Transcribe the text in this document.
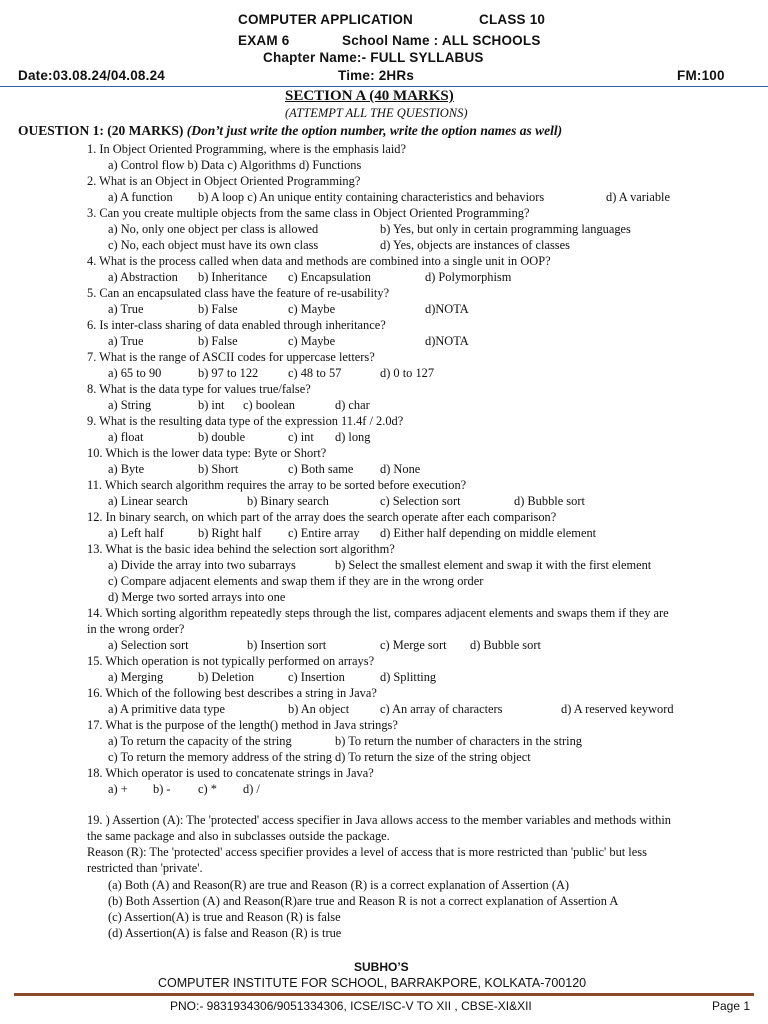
COMPUTER APPLICATION	CLASS 10
EXAM 6	School Name : ALL SCHOOLS
Chapter Name:- FULL SYLLABUS
Date:03.08.24/04.08.24	Time: 2HRs	FM:100
SECTION A (40 MARKS)
(ATTEMPT ALL THE QUESTIONS)
OUESTION 1: (20 MARKS) (Don’t just write the option number, write the option names as well)
1. In Object Oriented Programming, where is the emphasis laid?
a) Control flow b) Data c) Algorithms d) Functions
2. What is an Object in Object Oriented Programming?
a) A function b) A loop c) An unique entity containing characteristics and behaviors	d) A variable
3. Can you create multiple objects from the same class in Object Oriented Programming?
a) No, only one object per class is allowed	b) Yes, but only in certain programming languages
c) No, each object must have its own class	d) Yes, objects are instances of classes
4. What is the process called when data and methods are combined into a single unit in OOP?
a) Abstraction b) Inheritance c) Encapsulation	d) Polymorphism
5. Can an encapsulated class have the feature of re-usability?
a) True	b) False	c) Maybe	d)NOTA
6. Is inter-class sharing of data enabled through inheritance?
a) True	b) False	c) Maybe	d)NOTA
7. What is the range of ASCII codes for uppercase letters?
a) 65 to 90	b) 97 to 122 c) 48 to 57	d) 0 to 127
8. What is the data type for values true/false?
a) String	b) int c) boolean	d) char
9. What is the resulting data type of the expression 11.4f / 2.0d?
a) float	b) double	c) int d) long
10. Which is the lower data type: Byte or Short?
a) Byte	b) Short	c) Both same d) None
11. Which search algorithm requires the array to be sorted before execution?
a) Linear search	b) Binary search	c) Selection sort	d) Bubble sort
12. In binary search, on which part of the array does the search operate after each comparison?
a) Left half	b) Right half c) Entire array d) Either half depending on middle element
13. What is the basic idea behind the selection sort algorithm?
a) Divide the array into two subarrays	b) Select the smallest element and swap it with the first element
c) Compare adjacent elements and swap them if they are in the wrong order
d) Merge two sorted arrays into one
14. Which sorting algorithm repeatedly steps through the list, compares adjacent elements and swaps them if they are
in the wrong order?
a) Selection sort	b) Insertion sort	c) Merge sort d) Bubble sort
15. Which operation is not typically performed on arrays?
a) Merging	b) Deletion	c) Insertion	d) Splitting
16. Which of the following best describes a string in Java?
a) A primitive data type	b) An object c) An array of characters	d) A reserved keyword
17. What is the purpose of the length() method in Java strings?
a) To return the capacity of the string	b) To return the number of characters in the string
c) To return the memory address of the string d) To return the size of the string object
18. Which operator is used to concatenate strings in Java?
a) + b) - c) * d) /
19. ) Assertion (A): The 'protected' access specifier in Java allows access to the member variables and methods within
the same package and also in subclasses outside the package.
Reason (R): The 'protected' access specifier provides a level of access that is more restricted than 'public' but less
restricted than 'private'.
(a) Both (A) and Reason(R) are true and Reason (R) is a correct explanation of Assertion (A)
(b) Both Assertion (A) and Reason(R)are true and Reason R is not a correct explanation of Assertion A
(c) Assertion(A) is true and Reason (R) is false
(d) Assertion(A) is false and Reason (R) is true
SUBHO’S
COMPUTER INSTITUTE FOR SCHOOL, BARRAKPORE, KOLKATA-700120
PNO:- 9831934306/9051334306, ICSE/ISC-V TO XII , CBSE-XI&XII	Page 1
